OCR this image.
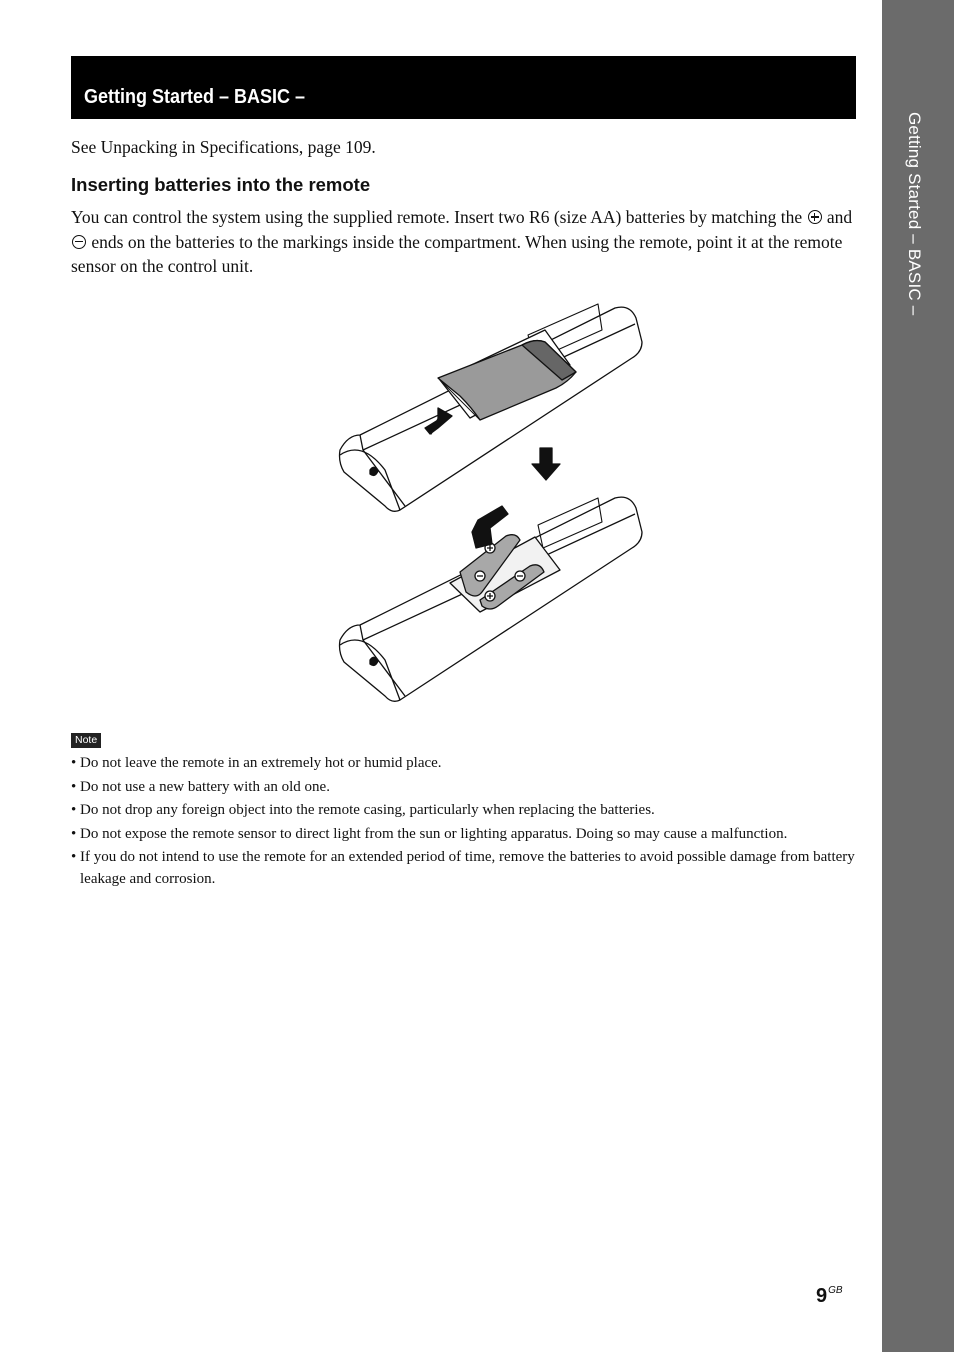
Getting Started – BASIC –
Getting Started – BASIC –
See Unpacking in Specifications, page 109.
Inserting batteries into the remote
You can control the system using the supplied remote. Insert two R6 (size AA) batteries by matching the and  ends on the batteries to the markings inside the compartment. When using the remote, point it at the remote sensor on the control unit.
Note
• Do not leave the remote in an extremely hot or humid place.
• Do not use a new battery with an old one.
• Do not drop any foreign object into the remote casing, particularly when replacing the batteries.
• Do not expose the remote sensor to direct light from the sun or lighting apparatus. Doing so may cause a malfunction.
• If you do not intend to use the remote for an extended period of time, remove the batteries to avoid possible damage from battery leakage and corrosion.
$9^{GB}$
